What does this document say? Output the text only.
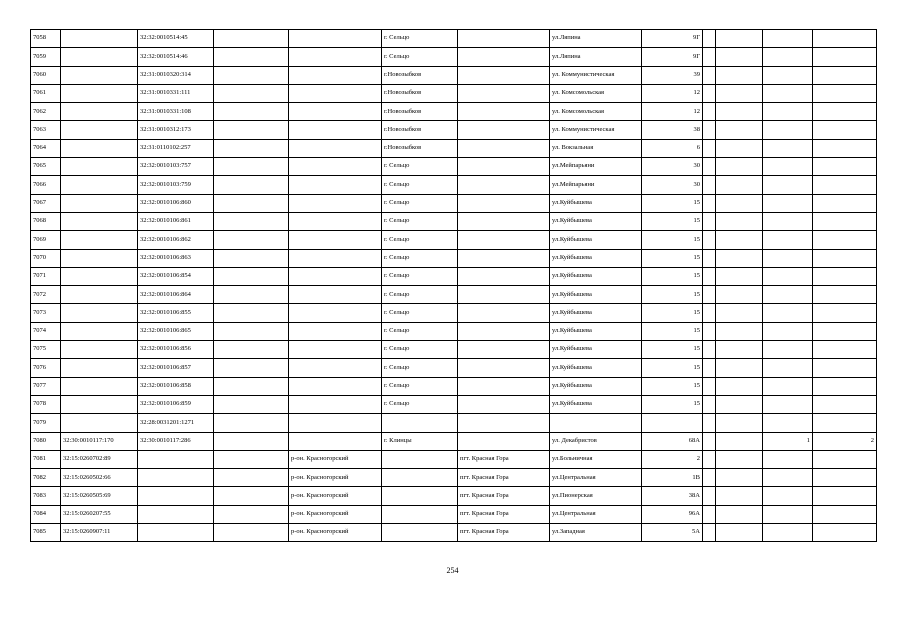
7058		32:32:0010514:45			г. Сельцо		ул.Ляпина	9Г				
7059		32:32:0010514:46			г. Сельцо		ул.Ляпина	9Г				
7060		32:31:0010320:314			г.Новозыбков		ул. Коммунистическая	39				
7061		32:31:0010331:111			г.Новозыбков		ул. Комсомольская	12				
7062		32:31:0010331:108			г.Новозыбков		ул. Комсомольская	12				
7063		32:31:0010312:173			г.Новозыбков		ул. Коммунистическая	38				
7064		32:31:0110102:257			г.Новозыбков		ул. Вокзальная	6				
7065		32:32:0010103:757			г. Сельцо		ул.Мейпарьяни	30				
7066		32:32:0010103:759			г. Сельцо		ул.Мейпарьяни	30				
7067		32:32:0010106:860			г. Сельцо		ул.Куйбышева	15				
7068		32:32:0010106:861			г. Сельцо		ул.Куйбышева	15				
7069		32:32:0010106:862			г. Сельцо		ул.Куйбышева	15				
7070		32:32:0010106:863			г. Сельцо		ул.Куйбышева	15				
7071		32:32:0010106:854			г. Сельцо		ул.Куйбышева	15				
7072		32:32:0010106:864			г. Сельцо		ул.Куйбышева	15				
7073		32:32:0010106:855			г. Сельцо		ул.Куйбышева	15				
7074		32:32:0010106:865			г. Сельцо		ул.Куйбышева	15				
7075		32:32:0010106:856			г. Сельцо		ул.Куйбышева	15				
7076		32:32:0010106:857			г. Сельцо		ул.Куйбышева	15				
7077		32:32:0010106:858			г. Сельцо		ул.Куйбышева	15				
7078		32:32:0010106:859			г. Сельцо		ул.Куйбышева	15				
7079		32:28:0031201:1271										
7080	32:30:0010117:170	32:30:0010117:286			г. Клинцы		ул. Декабристов	68А			1	2
7081	32:15:0260702:89			р-он. Красногорский		пгт. Красная Гора	ул.Больничная	2				
7082	32:15:0260502:66			р-он. Красногорский		пгт. Красная Гора	ул.Центральная	1В				
7083	32:15:0260505:69			р-он. Красногорский		пгт. Красная Гора	ул.Пионерская	38А				
7084	32:15:0260207:55			р-он. Красногорский		пгт. Красная Гора	ул.Центральная	96А				
7085	32:15:0260907:11			р-он. Красногорский		пгт. Красная Гора	ул.Западная	5А				
254
